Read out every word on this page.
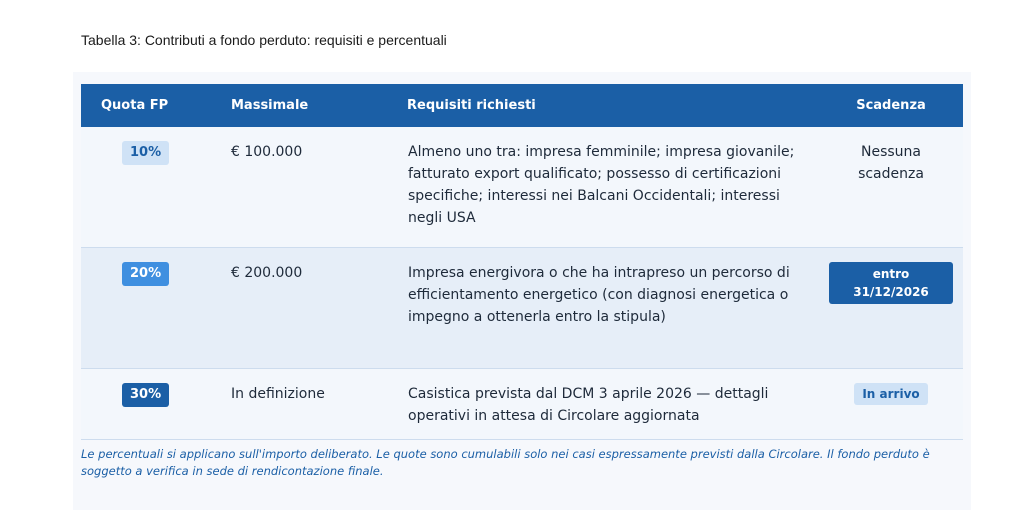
Tabella 3: Contributi a fondo perduto: requisiti e percentuali
Quota FP	Massimale	Requisiti richiesti	Scadenza
10%	€ 100.000	Almeno uno tra: impresa femminile; impresa giovanile; fatturato export qualificato; possesso di certificazioni specifiche; interessi nei Balcani Occidentali; interessi negli USA	Nessuna scadenza
20%	€ 200.000	Impresa energivora o che ha intrapreso un percorso di efficientamento energetico (con diagnosi energetica o impegno a ottenerla entro la stipula)	entro 31/12/2026
30%	In definizione	Casistica prevista dal DCM 3 aprile 2026 — dettagli operativi in attesa di Circolare aggiornata	In arrivo
Le percentuali si applicano sull'importo deliberato. Le quote sono cumulabili solo nei casi espressamente previsti dalla Circolare. Il fondo perduto è soggetto a verifica in sede di rendicontazione finale.
